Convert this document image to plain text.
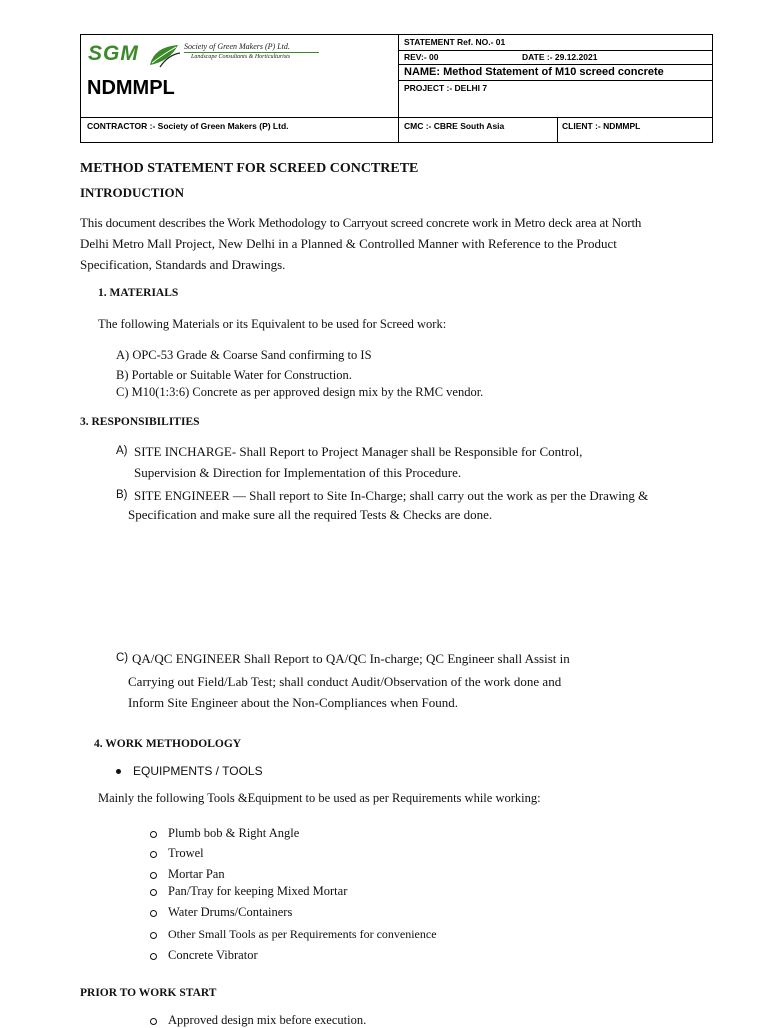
SGM	Society of Green Makers (P) Ltd.
Landscape Consultants & Horticulturists
NDMMPL
STATEMENT Ref. NO.- 01
REV:- 00	DATE :- 29.12.2021
NAME: Method Statement of M10 screed concrete
PROJECT :- DELHI 7
CONTRACTOR :- Society of Green Makers (P) Ltd.	CMC :- CBRE South Asia	CLIENT :- NDMMPL
METHOD STATEMENT FOR SCREED CONCTRETE
INTRODUCTION
This document describes the Work Methodology to Carryout screed concrete work in Metro deck area at North
Delhi Metro Mall Project, New Delhi in a Planned & Controlled Manner with Reference to the Product
Specification, Standards and Drawings.
1. MATERIALS
The following Materials or its Equivalent to be used for Screed work:
A) OPC-53 Grade & Coarse Sand confirming to IS
B) Portable or Suitable Water for Construction.
C) M10(1:3:6) Concrete as per approved design mix by the RMC vendor.
3. RESPONSIBILITIES
A) SITE INCHARGE- Shall Report to Project Manager shall be Responsible for Control,
Supervision & Direction for Implementation of this Procedure.
B) SITE ENGINEER — Shall report to Site In-Charge; shall carry out the work as per the Drawing &
Specification and make sure all the required Tests & Checks are done.
C) QA/QC ENGINEER Shall Report to QA/QC In-charge; QC Engineer shall Assist in
Carrying out Field/Lab Test; shall conduct Audit/Observation of the work done and
Inform Site Engineer about the Non-Compliances when Found.
4. WORK METHODOLOGY
EQUIPMENTS / TOOLS
Mainly the following Tools &Equipment to be used as per Requirements while working:
Plumb bob & Right Angle
Trowel
Mortar Pan
Pan/Tray for keeping Mixed Mortar
Water Drums/Containers
Other Small Tools as per Requirements for convenience
Concrete Vibrator
PRIOR TO WORK START
Approved design mix before execution.
